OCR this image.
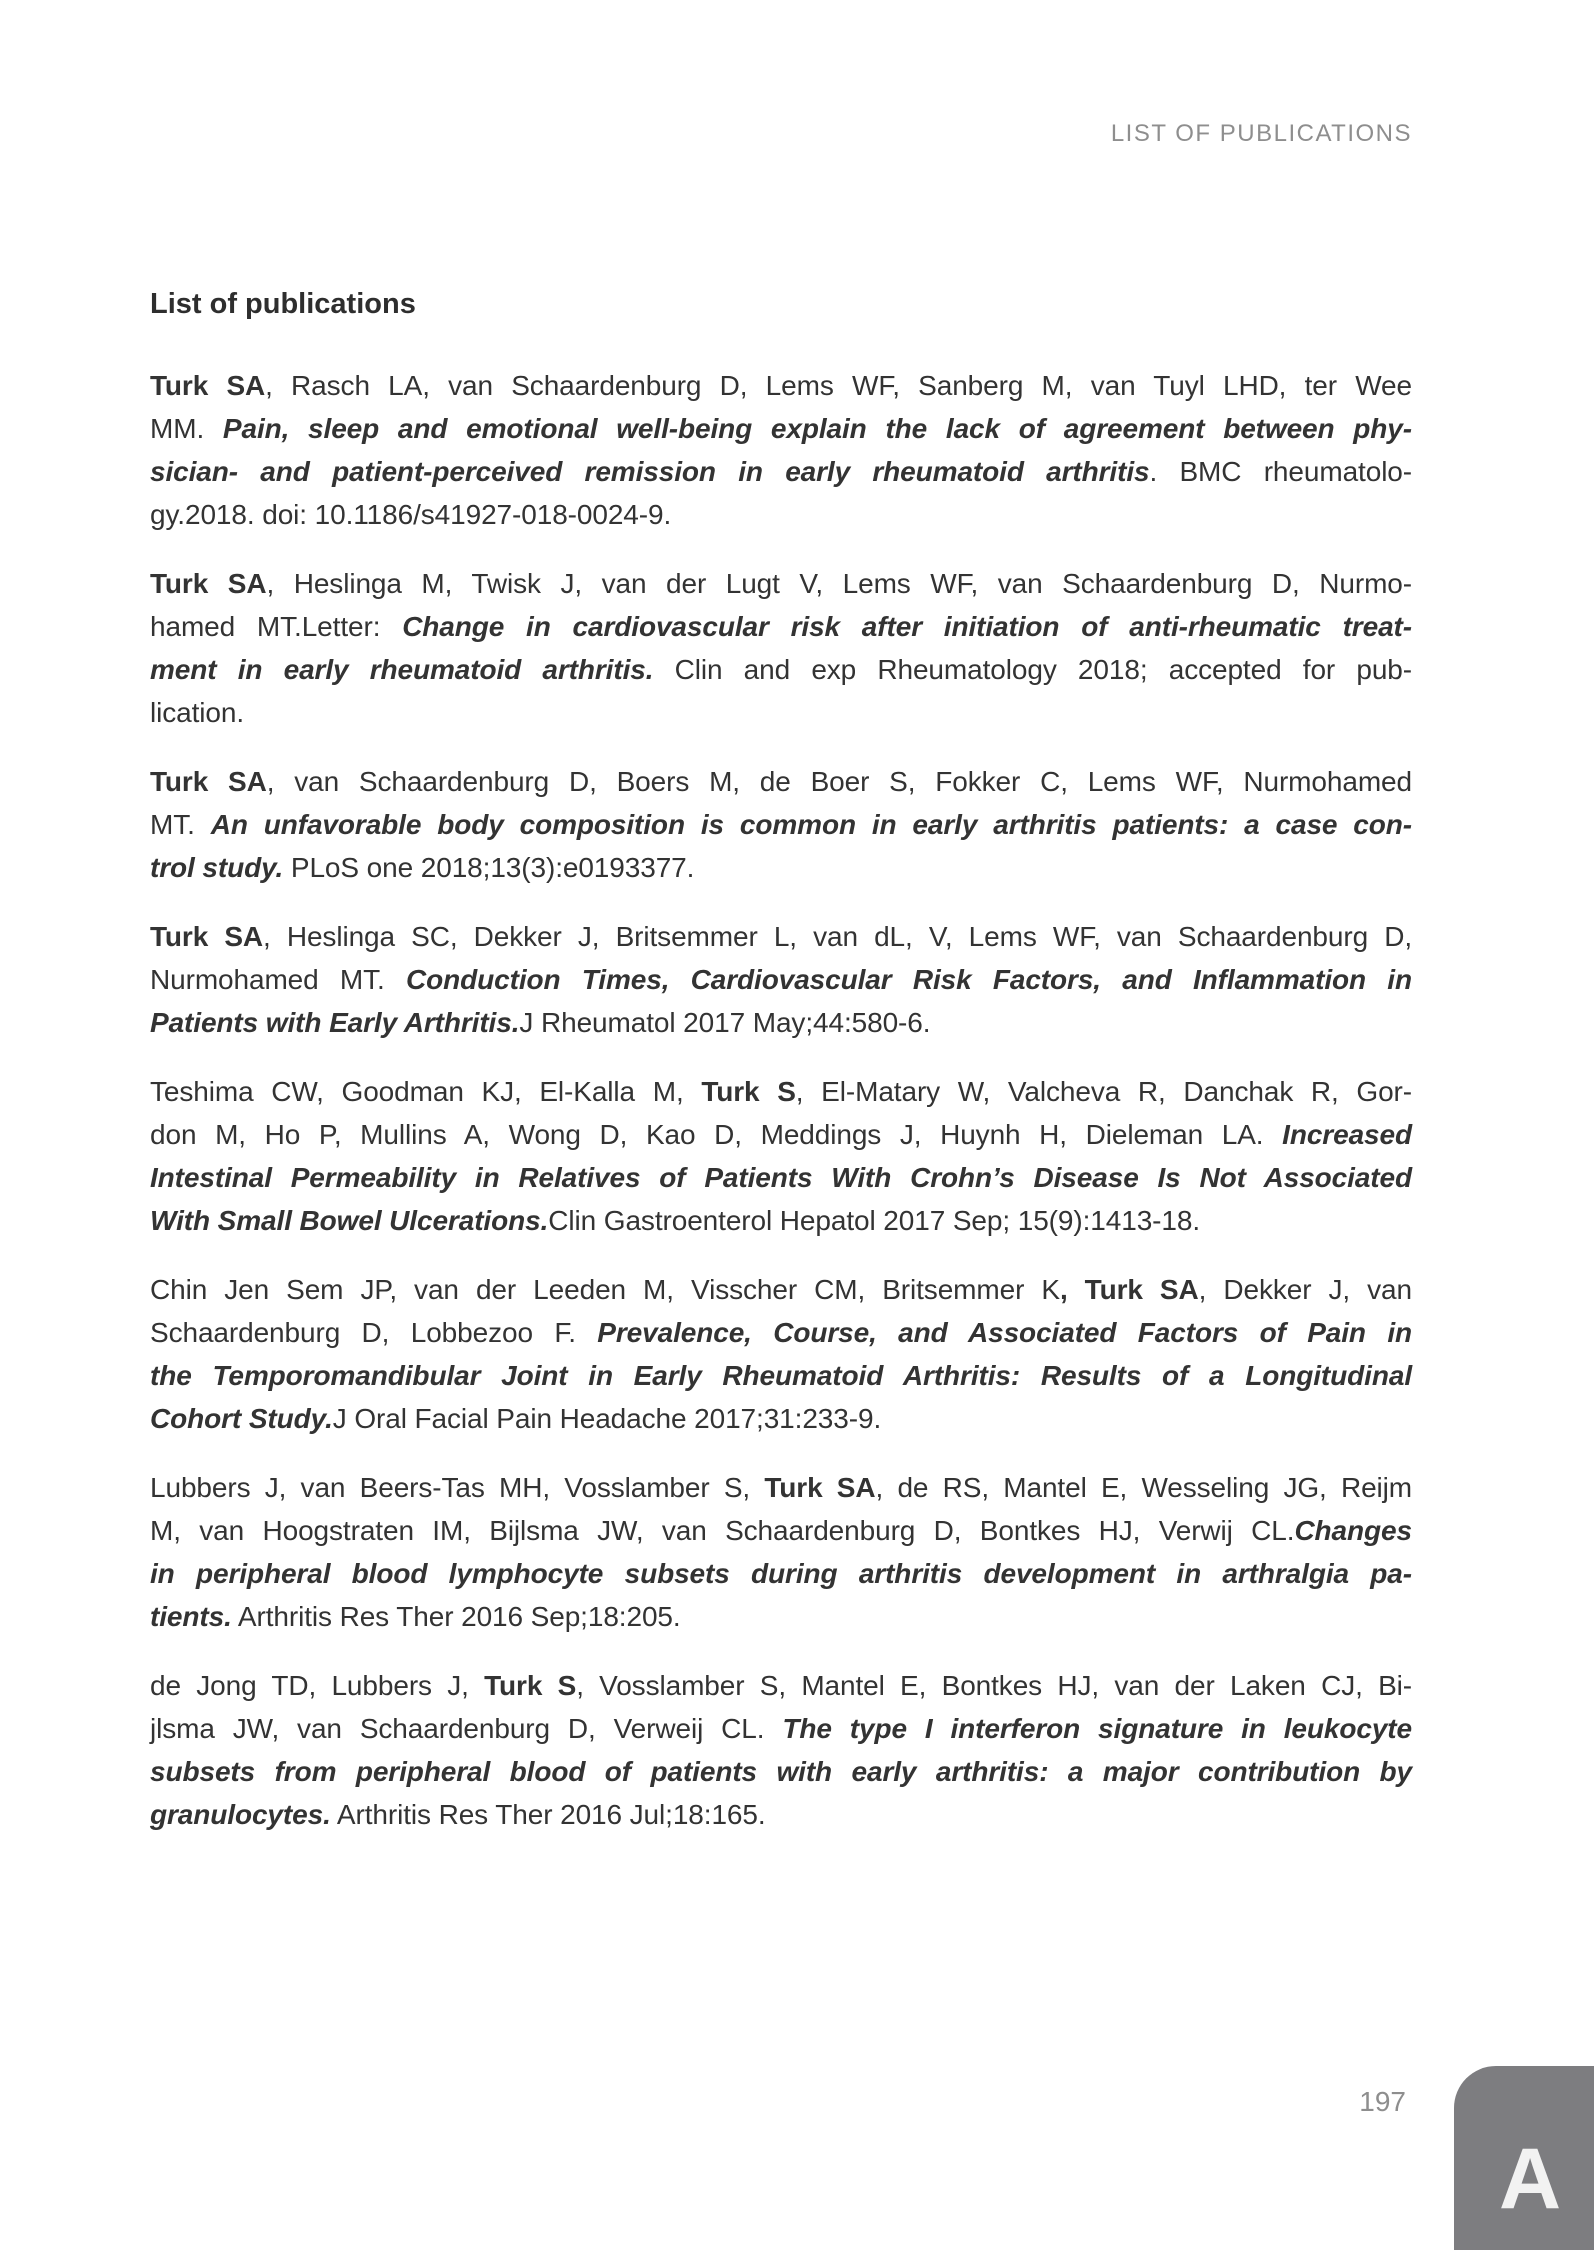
LIST OF PUBLICATIONS
List of publications
Turk SA, Rasch LA, van Schaardenburg D, Lems WF, Sanberg M, van Tuyl LHD, ter Wee
MM. Pain, sleep and emotional well-being explain the lack of agreement between phy-
sician- and patient-perceived remission in early rheumatoid arthritis. BMC rheumatolo-
gy.2018. doi: 10.1186/s41927-018-0024-9.
Turk SA, Heslinga M, Twisk J, van der Lugt V, Lems WF, van Schaardenburg D, Nurmo-
hamed MT.Letter: Change in cardiovascular risk after initiation of anti-rheumatic treat-
ment in early rheumatoid arthritis. Clin and exp Rheumatology 2018; accepted for pub-
lication.
Turk SA, van Schaardenburg D, Boers M, de Boer S, Fokker C, Lems WF, Nurmohamed
MT. An unfavorable body composition is common in early arthritis patients: a case con-
trol study. PLoS one 2018;13(3):e0193377.
Turk SA, Heslinga SC, Dekker J, Britsemmer L, van dL, V, Lems WF, van Schaardenburg D,
Nurmohamed MT. Conduction Times, Cardiovascular Risk Factors, and Inflammation in
Patients with Early Arthritis.J Rheumatol 2017 May;44:580-6.
Teshima CW, Goodman KJ, El-Kalla M, Turk S, El-Matary W, Valcheva R, Danchak R, Gor-
don M, Ho P, Mullins A, Wong D, Kao D, Meddings J, Huynh H, Dieleman LA. Increased
Intestinal Permeability in Relatives of Patients With Crohn’s Disease Is Not Associated
With Small Bowel Ulcerations.Clin Gastroenterol Hepatol 2017 Sep; 15(9):1413-18.
Chin Jen Sem JP, van der Leeden M, Visscher CM, Britsemmer K, Turk SA, Dekker J, van
Schaardenburg D, Lobbezoo F. Prevalence, Course, and Associated Factors of Pain in
the Temporomandibular Joint in Early Rheumatoid Arthritis: Results of a Longitudinal
Cohort Study.J Oral Facial Pain Headache 2017;31:233-9.
Lubbers J, van Beers-Tas MH, Vosslamber S, Turk SA, de RS, Mantel E, Wesseling JG, Reijm
M, van Hoogstraten IM, Bijlsma JW, van Schaardenburg D, Bontkes HJ, Verwij CL.Changes
in peripheral blood lymphocyte subsets during arthritis development in arthralgia pa-
tients. Arthritis Res Ther 2016 Sep;18:205.
de Jong TD, Lubbers J, Turk S, Vosslamber S, Mantel E, Bontkes HJ, van der Laken CJ, Bi-
jlsma JW, van Schaardenburg D, Verweij CL. The type I interferon signature in leukocyte
subsets from peripheral blood of patients with early arthritis: a major contribution by
granulocytes. Arthritis Res Ther 2016 Jul;18:165.
197
A
